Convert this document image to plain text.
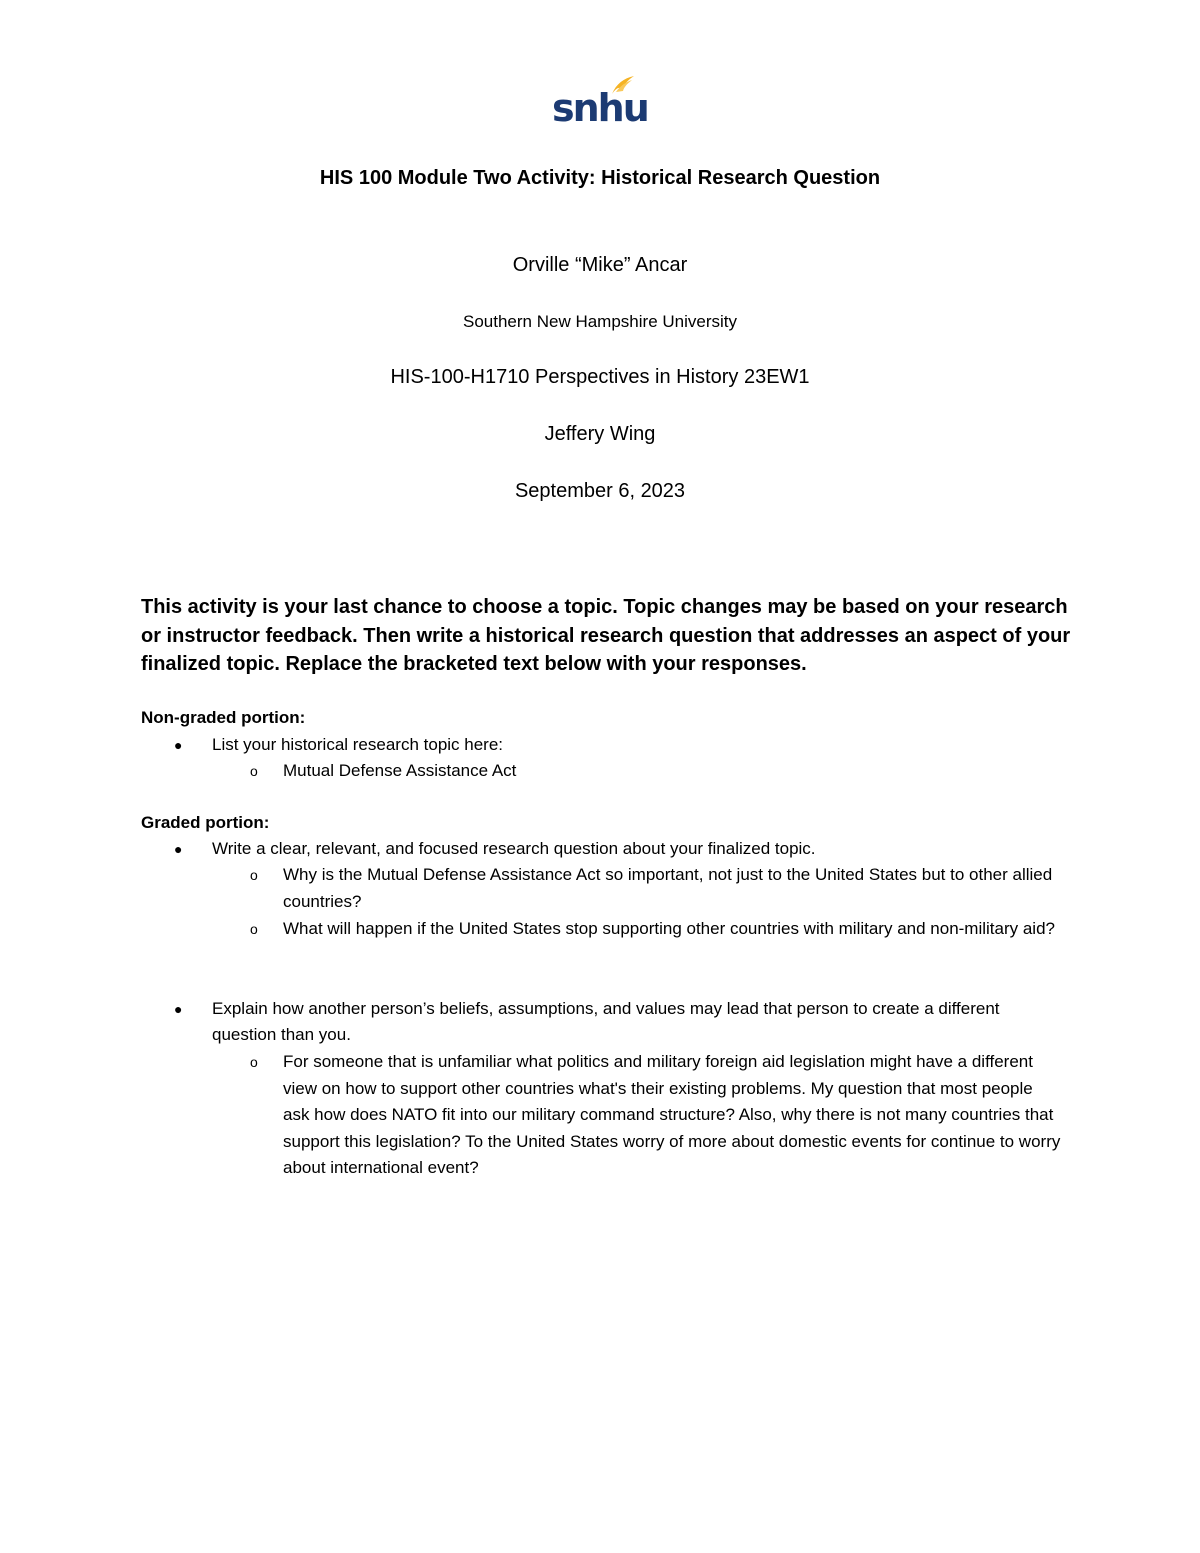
snhu
HIS 100 Module Two Activity: Historical Research Question
Orville “Mike” Ancar
Southern New Hampshire University
HIS-100-H1710 Perspectives in History 23EW1
Jeffery Wing
September 6, 2023
This activity is your last chance to choose a topic. Topic changes may be based on your research or instructor feedback. Then write a historical research question that addresses an aspect of your finalized topic. Replace the bracketed text below with your responses.
Non-graded portion:
● List your historical research topic here:
o Mutual Defense Assistance Act
Graded portion:
● Write a clear, relevant, and focused research question about your finalized topic.
o Why is the Mutual Defense Assistance Act so important, not just to the United States but to other allied countries?
o What will happen if the United States stop supporting other countries with military and non-military aid?
● Explain how another person’s beliefs, assumptions, and values may lead that person to create a different question than you.
o For someone that is unfamiliar what politics and military foreign aid legislation might have a different view on how to support other countries what's their existing problems. My question that most people ask how does NATO fit into our military command structure? Also, why there is not many countries that support this legislation? To the United States worry of more about domestic events for continue to worry about international event?
